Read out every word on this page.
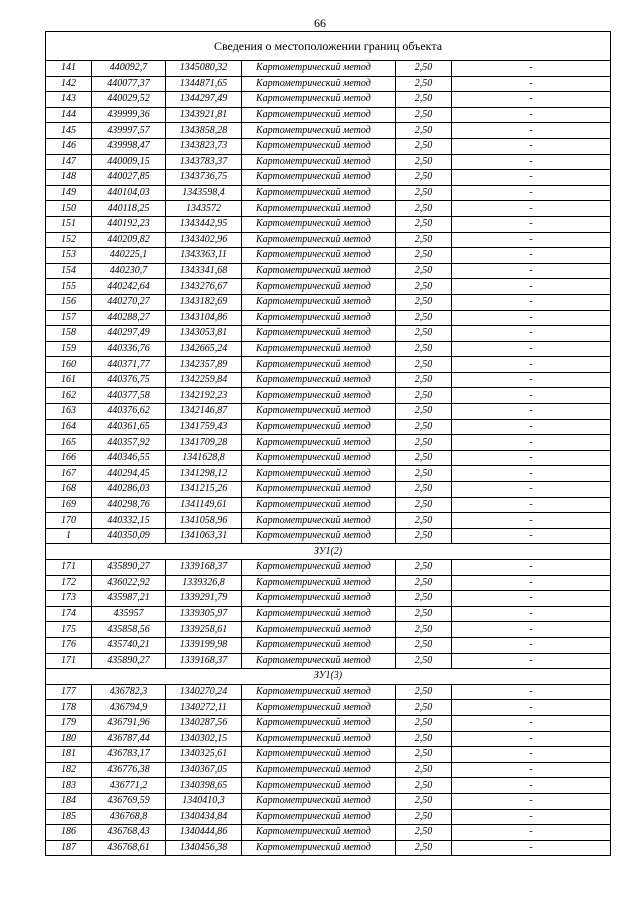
66
Сведения о местоположении границ объекта					
141	440092,7	1345080,32	Картометрический метод	2,50	-
142	440077,37	1344871,65	Картометрический метод	2,50	-
143	440029,52	1344297,49	Картометрический метод	2,50	-
144	439999,36	1343921,81	Картометрический метод	2,50	-
145	439997,57	1343858,28	Картометрический метод	2,50	-
146	439998,47	1343823,73	Картометрический метод	2,50	-
147	440009,15	1343783,37	Картометрический метод	2,50	-
148	440027,85	1343736,75	Картометрический метод	2,50	-
149	440104,03	1343598,4	Картометрический метод	2,50	-
150	440118,25	1343572	Картометрический метод	2,50	-
151	440192,23	1343442,95	Картометрический метод	2,50	-
152	440209,82	1343402,96	Картометрический метод	2,50	-
153	440225,1	1343363,11	Картометрический метод	2,50	-
154	440230,7	1343341,68	Картометрический метод	2,50	-
155	440242,64	1343276,67	Картометрический метод	2,50	-
156	440270,27	1343182,69	Картометрический метод	2,50	-
157	440288,27	1343104,86	Картометрический метод	2,50	-
158	440297,49	1343053,81	Картометрический метод	2,50	-
159	440336,76	1342665,24	Картометрический метод	2,50	-
160	440371,77	1342357,89	Картометрический метод	2,50	-
161	440376,75	1342259,84	Картометрический метод	2,50	-
162	440377,58	1342192,23	Картометрический метод	2,50	-
163	440376,62	1342146,87	Картометрический метод	2,50	-
164	440361,65	1341759,43	Картометрический метод	2,50	-
165	440357,92	1341709,28	Картометрический метод	2,50	-
166	440346,55	1341628,8	Картометрический метод	2,50	-
167	440294,45	1341298,12	Картометрический метод	2,50	-
168	440286,03	1341215,26	Картометрический метод	2,50	-
169	440298,76	1341149,61	Картометрический метод	2,50	-
170	440332,15	1341058,96	Картометрический метод	2,50	-
1	440350,09	1341063,31	Картометрический метод	2,50	-
ЗУ1(2)					
171	435890,27	1339168,37	Картометрический метод	2,50	-
172	436022,92	1339326,8	Картометрический метод	2,50	-
173	435987,21	1339291,79	Картометрический метод	2,50	-
174	435957	1339305,97	Картометрический метод	2,50	-
175	435858,56	1339258,61	Картометрический метод	2,50	-
176	435740,21	1339199,98	Картометрический метод	2,50	-
171	435890,27	1339168,37	Картометрический метод	2,50	-
ЗУ1(3)					
177	436782,3	1340270,24	Картометрический метод	2,50	-
178	436794,9	1340272,11	Картометрический метод	2,50	-
179	436791,96	1340287,56	Картометрический метод	2,50	-
180	436787,44	1340302,15	Картометрический метод	2,50	-
181	436783,17	1340325,61	Картометрический метод	2,50	-
182	436776,38	1340367,05	Картометрический метод	2,50	-
183	436771,2	1340398,65	Картометрический метод	2,50	-
184	436769,59	1340410,3	Картометрический метод	2,50	-
185	436768,8	1340434,84	Картометрический метод	2,50	-
186	436768,43	1340444,86	Картометрический метод	2,50	-
187	436768,61	1340456,38	Картометрический метод	2,50	-
